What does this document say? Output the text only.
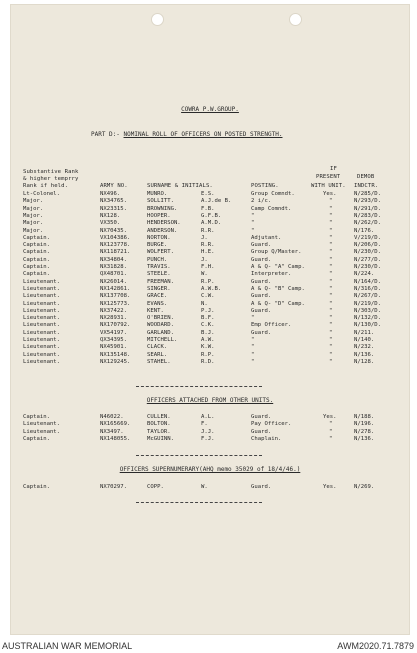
COWRA P.W.GROUP.
PART D:- NOMINAL ROLL OF OFFICERS ON POSTED STRENGTH.
Substantive Rank
& higher temprry
Rank if held.	ARMY NO.	SURNAME & INITIALS.	POSTING.
IF
PRESENT
WITH UNIT.
DEMOB
INDCTR.
Lt-Colonel.	NX496.	MUNRO.	E.S.	Group Comndt.	Yes.	N/285/D.
Major.	NX34765.	SOLLITT.	A.J.de B.	2 i/c.	"	N/293/D.
Major.	NX23315.	BROWNING.	F.B.	Camp Comndt.	"	N/291/D.
Major.	NX128.	HOOPER.	G.F.B.	"	"	N/283/D.
Major.	VX350.	HENDERSON.	A.M.D.	"	"	N/262/D.
Major.	NX70435.	ANDERSON.	R.R.	"	"	N/176.
Captain.	VX104386.	NORTON.	J.	Adjutant.	"	V/219/D.
Captain.	NX123778.	BURGE.	R.R.	Guard.	"	N/206/D.
Captain.	NX118721.	WOLFERT.	H.E.	Group Q/Master.	"	N/230/D.
Captain.	NX34804.	PUNCH.	J.	Guard.	"	N/277/D.
Captain.	NX31828.	TRAVIS.	F.H.	A & Q- "A" Camp.	"	N/230/D.
Captain.	QX48701.	STEELE.	W.	Interpreter.	"	N/224.
Lieutenant.	NX26014.	FREEMAN.	R.P.	Guard.	"	N/164/D.
Lieutenant.	NX142861.	SINGER.	A.W.B.	A & Q- "B" Camp.	"	N/316/D.
Lieutenant.	NX137708.	GRACE.	C.W.	Guard.	"	N/267/D.
Lieutenant.	NX125773.	EVANS.	N.	A & Q- "D" Camp.	"	N/219/D.
Lieutenant.	NX37422.	KENT.	P.J.	Guard.	"	N/303/D.
Lieutenant.	NX28931.	O'BRIEN.	B.F.	"	"	N/132/D.
Lieutenant.	NX170792.	WOODARD.	C.K.	Emp Officer.	"	N/130/D.
Lieutenant.	VX54197.	GARLAND.	B.J.	Guard.	"	N/211.
Lieutenant.	QX34395.	MITCHELL.	A.W.	"	"	N/140.
Lieutenant.	NX45901.	CLACK.	K.W.	"	"	N/232.
Lieutenant.	NX135148.	SEARL.	R.P.	"	"	N/136.
Lieutenant.	NX129245.	STAHEL.	R.D.	"	"	N/128.
OFFICERS ATTACHED FROM OTHER UNITS.
Captain.	N46022.	CULLEN.	A.L.	Guard.	Yes.	N/188.
Lieutenant.	NX165669.	BOLTON.	F.	Pay Officer.	"	N/196.
Lieutenant.	NX3497.	TAYLOR.	J.J.	Guard.	"	N/278.
Captain.	NX148055.	McGUINN.	F.J.	Chaplain.	"	N/136.
OFFICERS SUPERNUMERARY(AHQ memo 35029 of 18/4/46.)
Captain.	NX70297.	COPP.	W.	Guard.	Yes.	N/269.
AUSTRALIAN WAR MEMORIAL	AWM2020.71.7879
